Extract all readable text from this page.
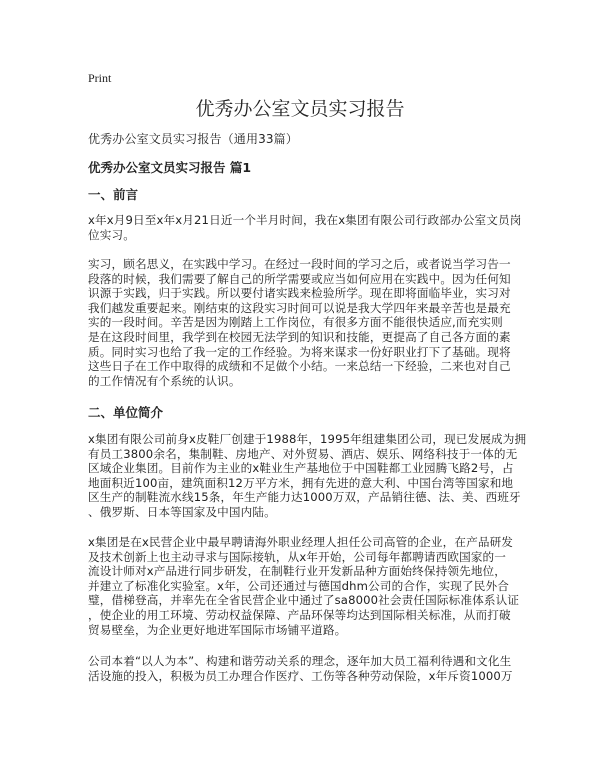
Print
优秀办公室文员实习报告
优秀办公室文员实习报告（通用33篇）
优秀办公室文员实习报告 篇1
一、前言
x年x月9日至x年x月21日近一个半月时间，我在x集团有限公司行政部办公室文员岗
位实习。
实习，顾名思义，在实践中学习。在经过一段时间的学习之后，或者说当学习告一
段落的时候，我们需要了解自己的所学需要或应当如何应用在实践中。因为任何知
识源于实践，归于实践。所以要付诸实践来检验所学。现在即将面临毕业，实习对
我们越发重要起来。刚结束的这段实习时间可以说是我大学四年来最辛苦也是最充
实的一段时间。辛苦是因为刚踏上工作岗位，有很多方面不能很快适应,而充实则
是在这段时间里，我学到在校园无法学到的知识和技能，更提高了自己各方面的素
质。同时实习也给了我一定的工作经验。为将来谋求一份好职业打下了基础。现将
这些日子在工作中取得的成绩和不足做个小结。一来总结一下经验，二来也对自己
的工作情况有个系统的认识。
二、单位简介
x集团有限公司前身x皮鞋厂创建于1988年，1995年组建集团公司，现已发展成为拥
有员工3800余名，集制鞋、房地产、对外贸易、酒店、娱乐、网络科技于一体的无
区域企业集团。目前作为主业的x鞋业生产基地位于中国鞋都工业园腾飞路2号，占
地面积近100亩，建筑面积12万平方米，拥有先进的意大利、中国台湾等国家和地
区生产的制鞋流水线15条，年生产能力达1000万双，产品销往德、法、美、西班牙
、俄罗斯、日本等国家及中国内陆。
x集团是在x民营企业中最早聘请海外职业经理人担任公司高管的企业，在产品研发
及技术创新上也主动寻求与国际接轨，从x年开始，公司每年都聘请西欧国家的一
流设计师对x产品进行同步研发，在制鞋行业开发新品种方面始终保持领先地位，
并建立了标准化实验室。x年，公司还通过与德国dhm公司的合作，实现了民外合
璧，借梯登高，并率先在全省民营企业中通过了sa8000社会责任国际标准体系认证
，使企业的用工环境、劳动权益保障、产品环保等均达到国际相关标准，从而打破
贸易壁垒，为企业更好地进军国际市场铺平道路。
公司本着“以人为本”、构建和谐劳动关系的理念，逐年加大员工福利待遇和文化生
活设施的投入，积极为员工办理合作医疗、工伤等各种劳动保险，x年斥资1000万
